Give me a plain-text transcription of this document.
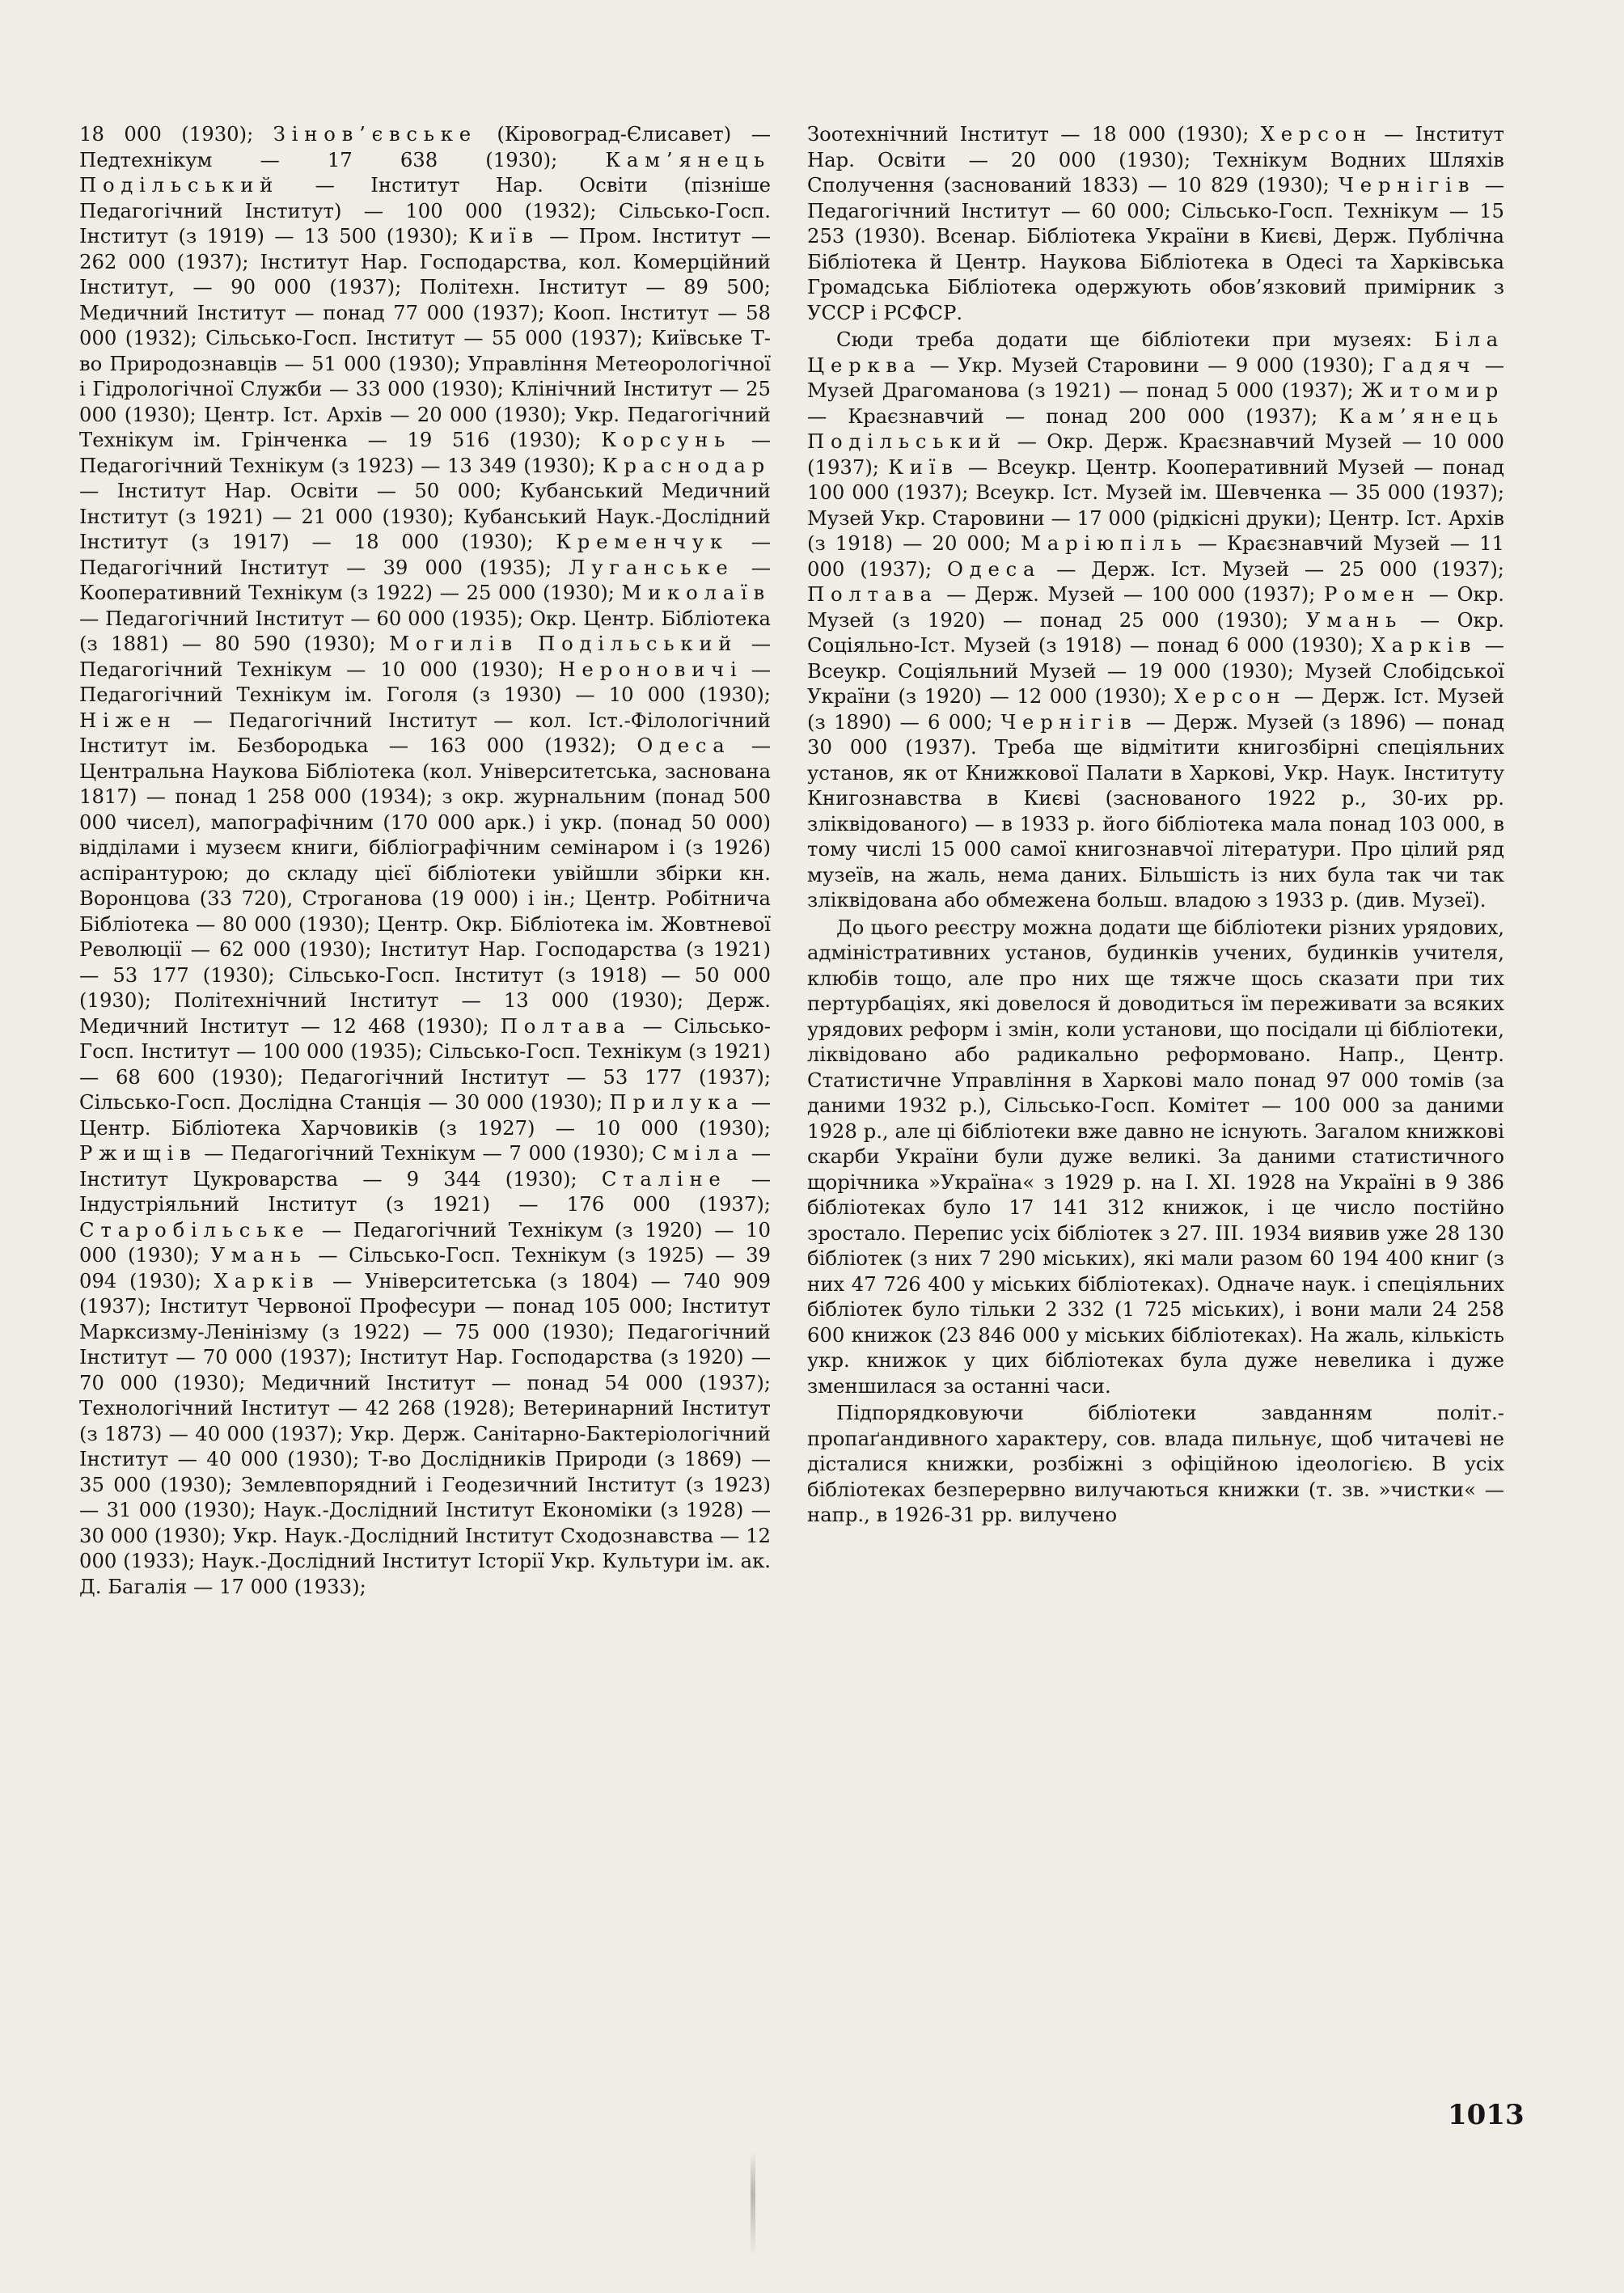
18 000 (1930); Зінов’євське (Кіровоград-Єлисавет) — Педтехнікум — 17 638 (1930); Кам’янець Подільський — Інститут Нар. Освіти (пізніше Педагогічний Інститут) — 100 000 (1932); Сільсько-Госп. Інститут (з 1919) — 13 500 (1930); Київ — Пром. Інститут — 262 000 (1937); Інститут Нар. Господарства, кол. Комерційний Інститут, — 90 000 (1937); Політехн. Інститут — 89 500; Медичний Інститут — понад 77 000 (1937); Кооп. Інститут — 58 000 (1932); Сільсько-Госп. Інститут — 55 000 (1937); Київське Т-во Природознавців — 51 000 (1930); Управління Метеорологічної і Гідрологічної Служби — 33 000 (1930); Клінічний Інститут — 25 000 (1930); Центр. Іст. Архів — 20 000 (1930); Укр. Педагогічний Технікум ім. Грінченка — 19 516 (1930); Корсунь — Педагогічний Технікум (з 1923) — 13 349 (1930); Краснодар — Інститут Нар. Освіти — 50 000; Кубанський Медичний Інститут (з 1921) — 21 000 (1930); Кубанський Наук.-Дослідний Інститут (з 1917) — 18 000 (1930); Кременчук — Педагогічний Інститут — 39 000 (1935); Луганське — Кооперативний Технікум (з 1922) — 25 000 (1930); Миколаїв — Педагогічний Інститут — 60 000 (1935); Окр. Центр. Бібліотека (з 1881) — 80 590 (1930); Могилів Подільський — Педагогічний Технікум — 10 000 (1930); Нероновичі — Педагогічний Технікум ім. Гоголя (з 1930) — 10 000 (1930); Ніжен — Педагогічний Інститут — кол. Іст.-Філологічний Інститут ім. Безбородька — 163 000 (1932); Одеса — Центральна Наукова Бібліотека (кол. Університетська, заснована 1817) — понад 1 258 000 (1934); з окр. журнальним (понад 500 000 чисел), мапографічним (170 000 арк.) і укр. (понад 50 000) відділами і музеєм книги, бібліографічним семінаром і (з 1926) аспірантурою; до складу цієї бібліотеки увійшли збірки кн. Воронцова (33 720), Строганова (19 000) і ін.; Центр. Робітнича Бібліотека — 80 000 (1930); Центр. Окр. Бібліотека ім. Жовтневої Революції — 62 000 (1930); Інститут Нар. Господарства (з 1921) — 53 177 (1930); Сільсько-Госп. Інститут (з 1918) — 50 000 (1930); Політехнічний Інститут — 13 000 (1930); Держ. Медичний Інститут — 12 468 (1930); Полтава — Сільсько-Госп. Інститут — 100 000 (1935); Сільсько-Госп. Технікум (з 1921) — 68 600 (1930); Педагогічний Інститут — 53 177 (1937); Сільсько-Госп. Дослідна Станція — 30 000 (1930); Прилука — Центр. Бібліотека Харчовиків (з 1927) — 10 000 (1930); Ржищів — Педагогічний Технікум — 7 000 (1930); Сміла — Інститут Цукроварства — 9 344 (1930); Сталіне — Індустріяльний Інститут (з 1921) — 176 000 (1937); Старобільське — Педагогічний Технікум (з 1920) — 10 000 (1930); Умань — Сільсько-Госп. Технікум (з 1925) — 39 094 (1930); Харків — Університетська (з 1804) — 740 909 (1937); Інститут Червоної Професури — понад 105 000; Інститут Марксизму-Ленінізму (з 1922) — 75 000 (1930); Педагогічний Інститут — 70 000 (1937); Інститут Нар. Господарства (з 1920) — 70 000 (1930); Медичний Інститут — понад 54 000 (1937); Технологічний Інститут — 42 268 (1928); Ветеринарний Інститут (з 1873) — 40 000 (1937); Укр. Держ. Санітарно-Бактеріологічний Інститут — 40 000 (1930); Т-во Дослідників Природи (з 1869) — 35 000 (1930); Землевпорядний і Геодезичний Інститут (з 1923) — 31 000 (1930); Наук.-Дослідний Інститут Економіки (з 1928) — 30 000 (1930); Укр. Наук.-Дослідний Інститут Сходознавства — 12 000 (1933); Наук.-Дослідний Інститут Історії Укр. Культури ім. ак. Д. Багалія — 17 000 (1933);

Зоотехнічний Інститут — 18 000 (1930); Херсон — Інститут Нар. Освіти — 20 000 (1930); Технікум Водних Шляхів Сполучення (заснований 1833) — 10 829 (1930); Чернігів — Педагогічний Інститут — 60 000; Сільсько-Госп. Технікум — 15 253 (1930). Всенар. Бібліотека України в Києві, Держ. Публічна Бібліотека й Центр. Наукова Бібліотека в Одесі та Харківська Громадська Бібліотека одержують обов’язковий примірник з УССР і РСФСР.

Сюди треба додати ще бібліотеки при музеях: Біла Церква — Укр. Музей Старовини — 9 000 (1930); Гадяч — Музей Драгоманова (з 1921) — понад 5 000 (1937); Житомир — Краєзнавчий — понад 200 000 (1937); Кам’янець Подільський — Окр. Держ. Краєзнавчий Музей — 10 000 (1937); Київ — Всеукр. Центр. Кооперативний Музей — понад 100 000 (1937); Всеукр. Іст. Музей ім. Шевченка — 35 000 (1937); Музей Укр. Старовини — 17 000 (рідкісні друки); Центр. Іст. Архів (з 1918) — 20 000; Маріюпіль — Краєзнавчий Музей — 11 000 (1937); Одеса — Держ. Іст. Музей — 25 000 (1937); Полтава — Держ. Музей — 100 000 (1937); Ромен — Окр. Музей (з 1920) — понад 25 000 (1930); Умань — Окр. Соціяльно-Іст. Музей (з 1918) — понад 6 000 (1930); Харків — Всеукр. Соціяльний Музей — 19 000 (1930); Музей Слобідської України (з 1920) — 12 000 (1930); Херсон — Держ. Іст. Музей (з 1890) — 6 000; Чернігів — Держ. Музей (з 1896) — понад 30 000 (1937). Треба ще відмітити книгозбірні спеціяльних установ, як от Книжкової Палати в Харкові, Укр. Наук. Інституту Книгознавства в Києві (заснованого 1922 р., 30-их рр. зліквідованого) — в 1933 р. його бібліотека мала понад 103 000, в тому числі 15 000 самої книгознавчої літератури. Про цілий ряд музеїв, на жаль, нема даних. Більшість із них була так чи так зліквідована або обмежена больш. владою з 1933 р. (див. Музеї).

До цього реєстру можна додати ще бібліотеки різних урядових, адміністративних установ, будинків учених, будинків учителя, клюбів тощо, але про них ще тяжче щось сказати при тих пертурбаціях, які довелося й доводиться їм переживати за всяких урядових реформ і змін, коли установи, що посідали ці бібліотеки, ліквідовано або радикально реформовано. Напр., Центр. Статистичне Управління в Харкові мало понад 97 000 томів (за даними 1932 р.), Сільсько-Госп. Комітет — 100 000 за даними 1928 р., але ці бібліотеки вже давно не існують. Загалом книжкові скарби України були дуже великі. За даними статистичного щорічника »Україна« з 1929 р. на I. XI. 1928 на Україні в 9 386 бібліотеках було 17 141 312 книжок, і це число постійно зростало. Перепис усіх бібліотек з 27. III. 1934 виявив уже 28 130 бібліотек (з них 7 290 міських), які мали разом 60 194 400 книг (з них 47 726 400 у міських бібліотеках). Одначе наук. і спеціяльних бібліотек було тільки 2 332 (1 725 міських), і вони мали 24 258 600 книжок (23 846 000 у міських бібліотеках). На жаль, кількість укр. книжок у цих бібліотеках була дуже невелика і дуже зменшилася за останні часи.

Підпорядковуючи бібліотеки завданням політ.-пропаґандивного характеру, сов. влада пильнує, щоб читачеві не дісталися книжки, розбіжні з офіційною ідеологією. В усіх бібліотеках безперервно вилучаються книжки (т. зв. »чистки« — напр., в 1926-31 рр. вилучено

1013
